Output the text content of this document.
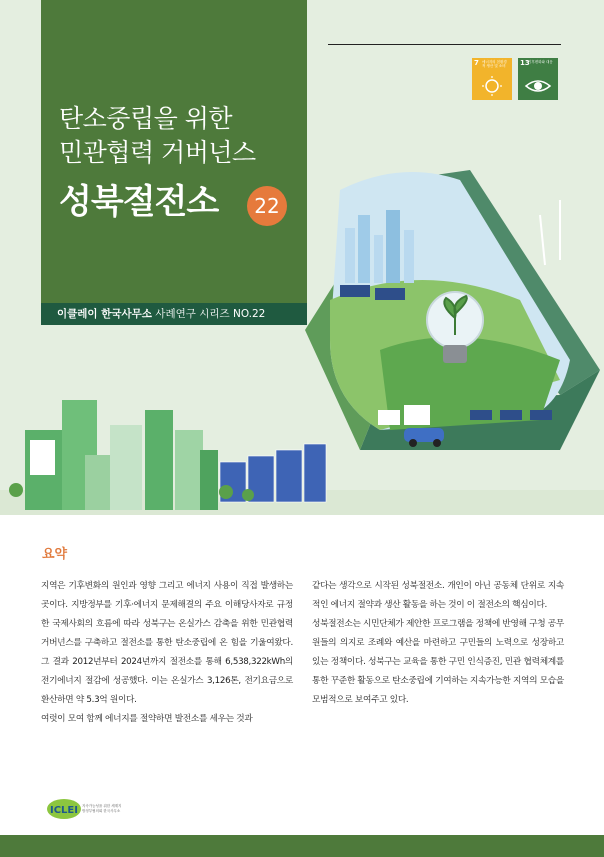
탄소중립을 위한
민관협력 거버넌스
성북절전소	22
이클레이 한국사무소 사례연구 시리즈 NO.22
7 에너지의 친환경적 생산 및 소비	13
기후변화와 대응
요약

지역은 기후변화의 원인과 영향 그리고 에너지 사용이 직접 발생하는 곳이다. 지방정부를 기후·에너지 문제해결의 주요 이해당사자로 규정한 국제사회의 흐름에 따라 성북구는 온실가스 감축을 위한 민관협력 거버넌스를 구축하고 절전소를 통한 탄소중립에 온 힘을 기울여왔다. 그 결과 2012년부터 2024년까지 절전소를 통해 6,538,322kWh의 전기에너지 절감에 성공했다. 이는 온실가스 3,126톤, 전기요금으로 환산하면 약 5.3억 원이다.

여럿이 모여 함께 에너지를 절약하면 발전소를 세우는 것과

같다는 생각으로 시작된 성북절전소. 개인이 아닌 공동체 단위로 지속적인 에너지 절약과 생산 활동을 하는 것이 이 절전소의 핵심이다.

성북절전소는 시민단체가 제안한 프로그램을 정책에 반영해 구청 공무원들의 의지로 조례와 예산을 마련하고 구민들의 노력으로 성장하고 있는 정책이다. 성북구는 교육을 통한 구민 인식증진, 민관 협력체계를 통한 꾸준한 활동으로 탄소중립에 기여하는 지속가능한 지역의 모습을 모범적으로 보여주고 있다.

ICLEI 지속가능성을 위한 세계지방정부협의회 한국사무소
